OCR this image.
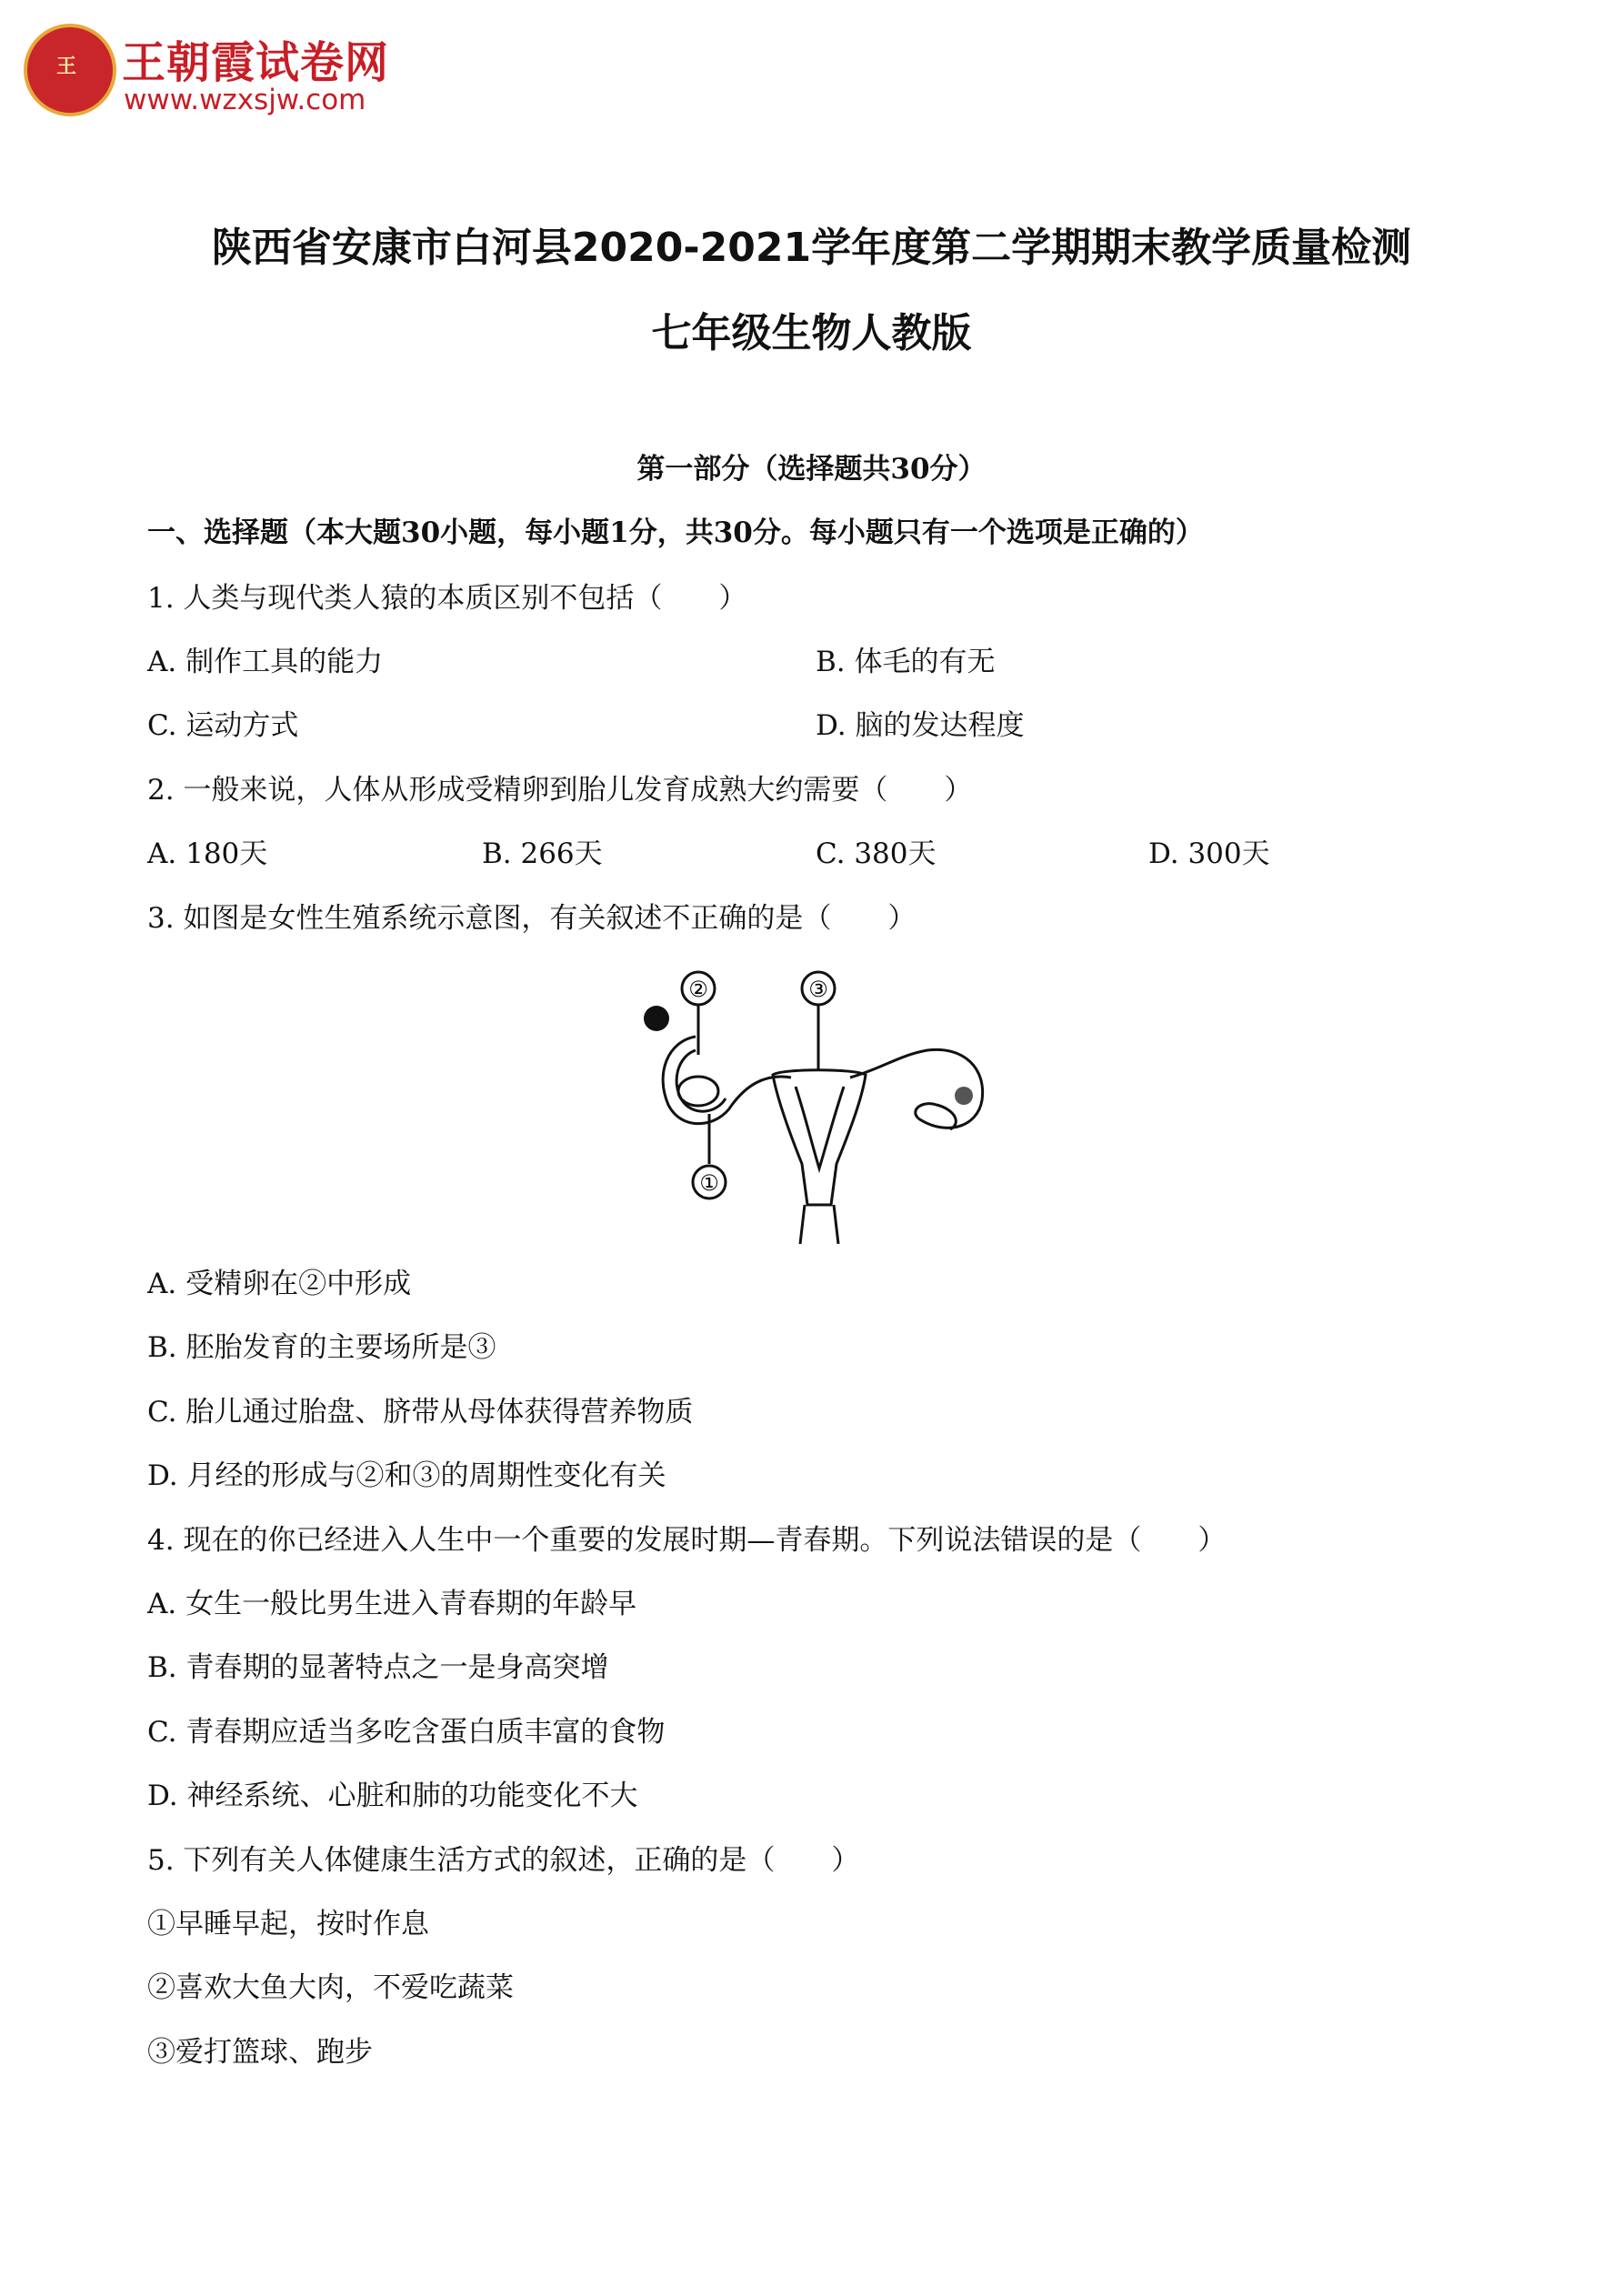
王	王朝霞试卷网
www.wzxsjw.com
陕西省安康市白河县2020-2021学年度第二学期期末教学质量检测
七年级生物人教版
第一部分（选择题共30分）
一、选择题（本大题30小题，每小题1分，共30分。每小题只有一个选项是正确的）
1. 人类与现代类人猿的本质区别不包括（　　）
A. 制作工具的能力	B. 体毛的有无
C. 运动方式	D. 脑的发达程度
2. 一般来说，人体从形成受精卵到胎儿发育成熟大约需要（　　）
A. 180天	B. 266天	C. 380天	D. 300天
3. 如图是女性生殖系统示意图，有关叙述不正确的是（　　）
①
②	③
A. 受精卵在②中形成
B. 胚胎发育的主要场所是③
C. 胎儿通过胎盘、脐带从母体获得营养物质
D. 月经的形成与②和③的周期性变化有关
4. 现在的你已经进入人生中一个重要的发展时期—青春期。下列说法错误的是（　　）
A. 女生一般比男生进入青春期的年龄早
B. 青春期的显著特点之一是身高突增
C. 青春期应适当多吃含蛋白质丰富的食物
D. 神经系统、心脏和肺的功能变化不大
5. 下列有关人体健康生活方式的叙述，正确的是（　　）
①早睡早起，按时作息
②喜欢大鱼大肉，不爱吃蔬菜
③爱打篮球、跑步
